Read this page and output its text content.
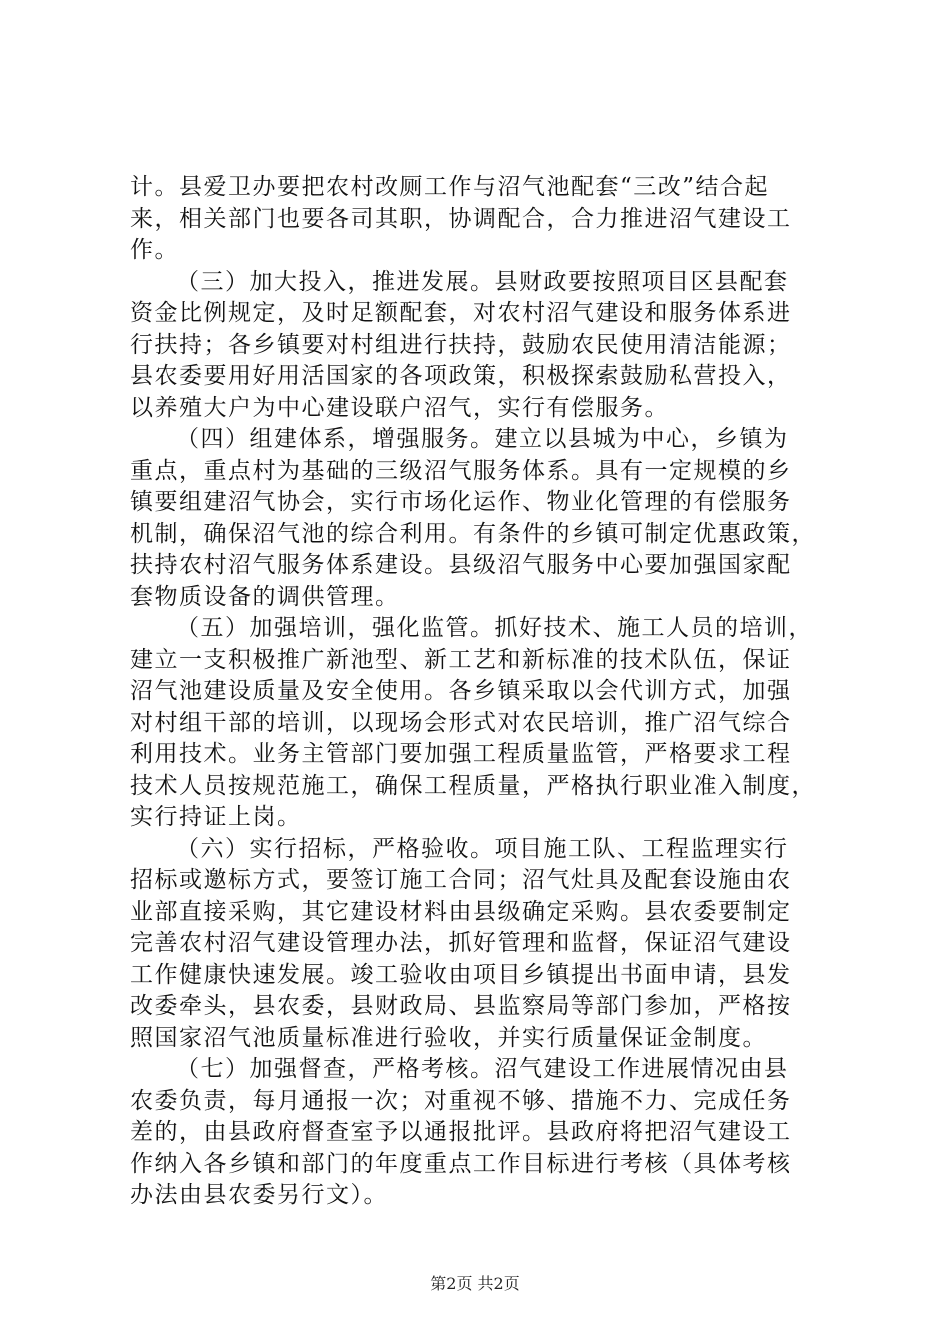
计。县爱卫办要把农村改厕工作与沼气池配套“三改”结合起
来，相关部门也要各司其职，协调配合，合力推进沼气建设工
作。
（三）加大投入，推进发展。县财政要按照项目区县配套
资金比例规定，及时足额配套，对农村沼气建设和服务体系进
行扶持；各乡镇要对村组进行扶持，鼓励农民使用清洁能源；
县农委要用好用活国家的各项政策，积极探索鼓励私营投入，
以养殖大户为中心建设联户沼气，实行有偿服务。
（四）组建体系，增强服务。建立以县城为中心，乡镇为
重点，重点村为基础的三级沼气服务体系。具有一定规模的乡
镇要组建沼气协会，实行市场化运作、物业化管理的有偿服务
机制，确保沼气池的综合利用。有条件的乡镇可制定优惠政策，
扶持农村沼气服务体系建设。县级沼气服务中心要加强国家配
套物质设备的调供管理。
（五）加强培训，强化监管。抓好技术、施工人员的培训，
建立一支积极推广新池型、新工艺和新标准的技术队伍，保证
沼气池建设质量及安全使用。各乡镇采取以会代训方式，加强
对村组干部的培训，以现场会形式对农民培训，推广沼气综合
利用技术。业务主管部门要加强工程质量监管，严格要求工程
技术人员按规范施工，确保工程质量，严格执行职业准入制度，
实行持证上岗。
（六）实行招标，严格验收。项目施工队、工程监理实行
招标或邀标方式，要签订施工合同；沼气灶具及配套设施由农
业部直接采购，其它建设材料由县级确定采购。县农委要制定
完善农村沼气建设管理办法，抓好管理和监督，保证沼气建设
工作健康快速发展。竣工验收由项目乡镇提出书面申请，县发
改委牵头，县农委，县财政局、县监察局等部门参加，严格按
照国家沼气池质量标准进行验收，并实行质量保证金制度。
（七）加强督查，严格考核。沼气建设工作进展情况由县
农委负责，每月通报一次；对重视不够、措施不力、完成任务
差的，由县政府督查室予以通报批评。县政府将把沼气建设工
作纳入各乡镇和部门的年度重点工作目标进行考核（具体考核
办法由县农委另行文）。
第2页 共2页
